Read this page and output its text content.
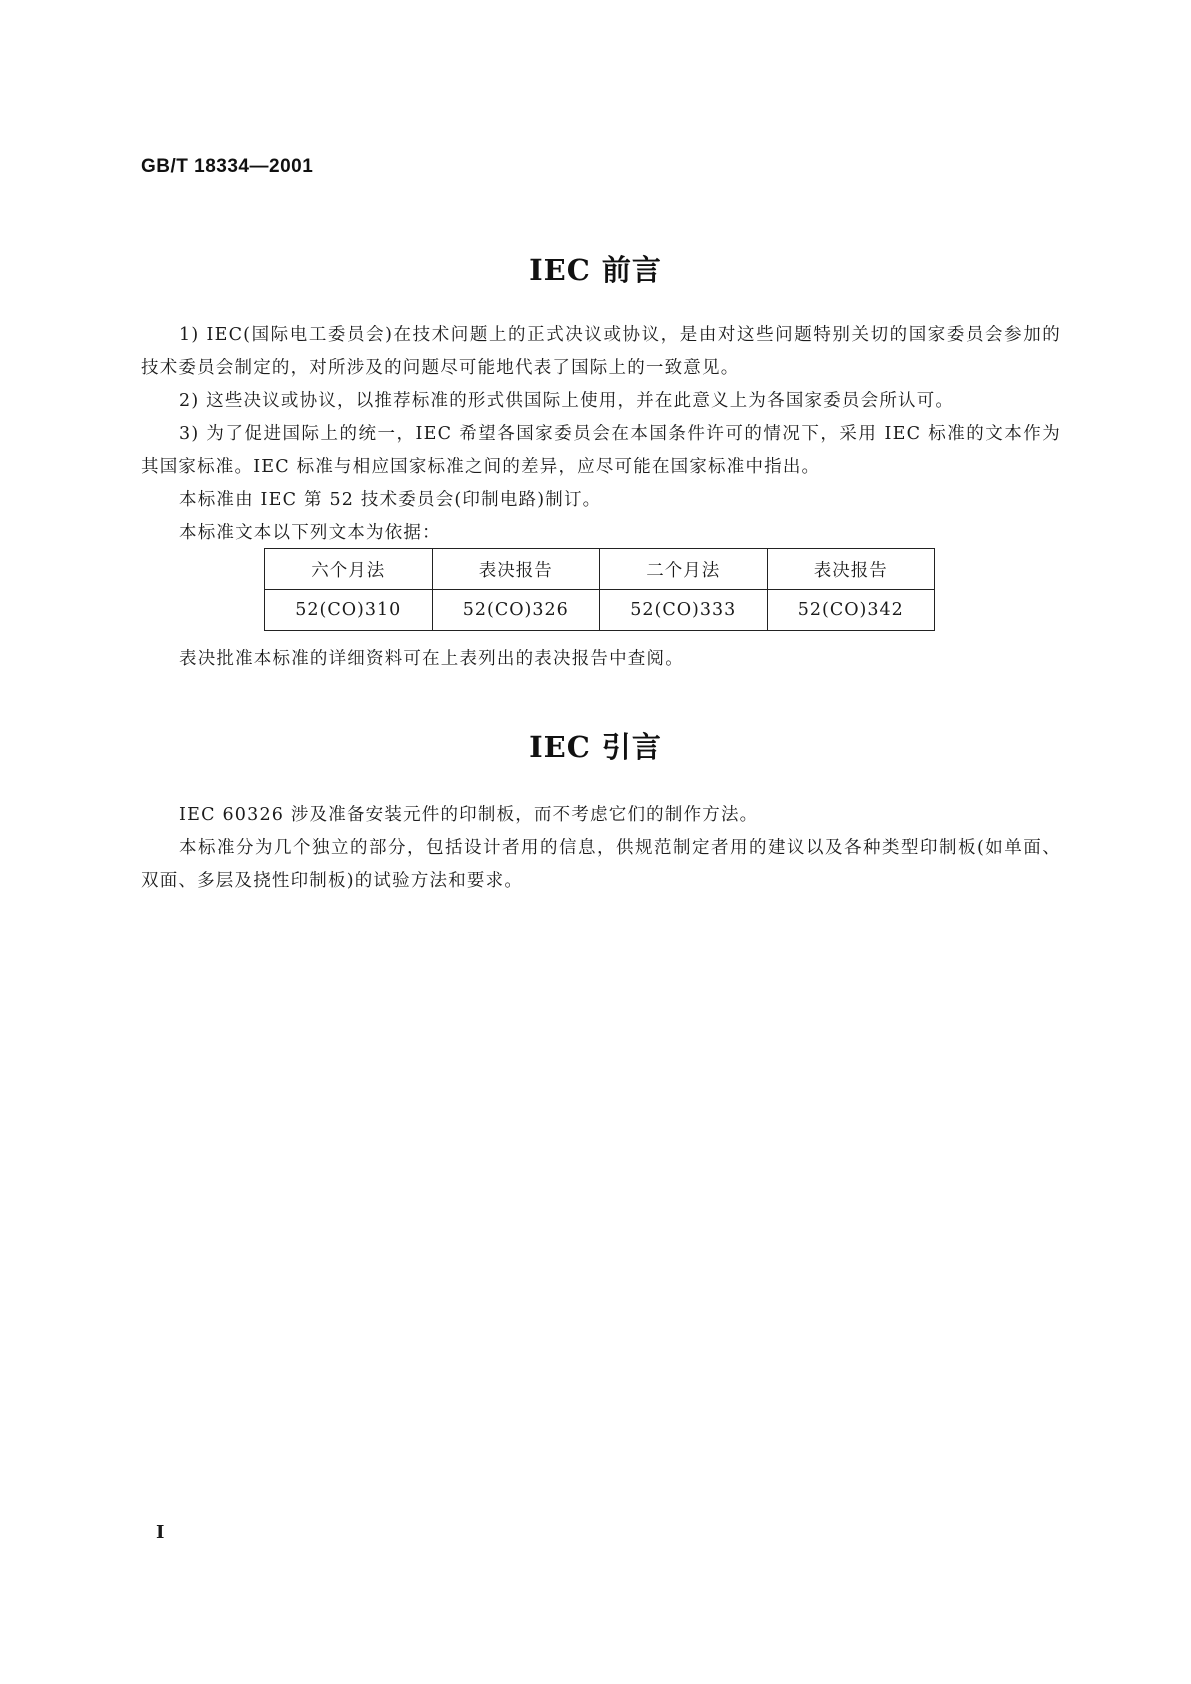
GB/T 18334—2001
IEC 前言

1) IEC(国际电工委员会)在技术问题上的正式决议或协议，是由对这些问题特别关切的国家委员会参加的技术委员会制定的，对所涉及的问题尽可能地代表了国际上的一致意见。

2) 这些决议或协议，以推荐标准的形式供国际上使用，并在此意义上为各国家委员会所认可。

3) 为了促进国际上的统一，IEC 希望各国家委员会在本国条件许可的情况下，采用 IEC 标准的文本作为其国家标准。IEC 标准与相应国家标准之间的差异，应尽可能在国家标准中指出。

本标准由 IEC 第 52 技术委员会(印制电路)制订。

本标准文本以下列文本为依据：

六个月法	表决报告	二个月法	表决报告
52(CO)310	52(CO)326	52(CO)333	52(CO)342

表决批准本标准的详细资料可在上表列出的表决报告中查阅。

IEC 引言

IEC 60326 涉及准备安装元件的印制板，而不考虑它们的制作方法。

本标准分为几个独立的部分，包括设计者用的信息，供规范制定者用的建议以及各种类型印制板(如单面、双面、多层及挠性印制板)的试验方法和要求。

I
